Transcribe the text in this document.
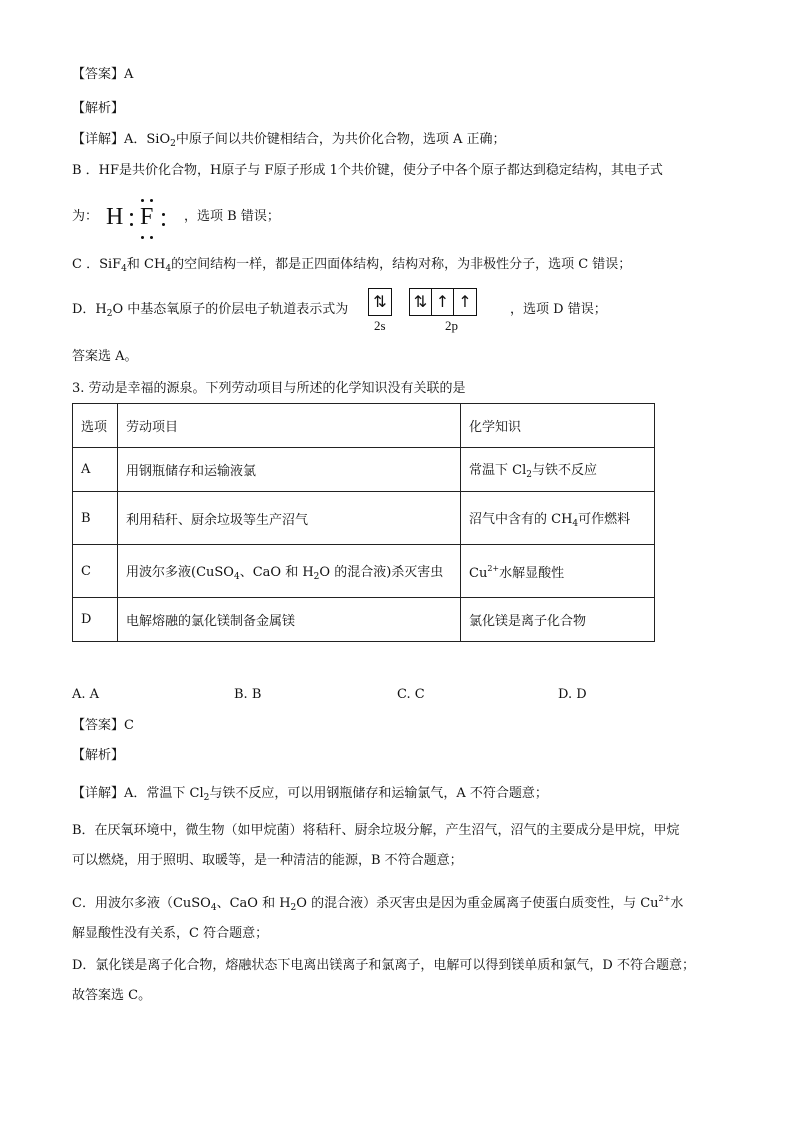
【答案】A
【解析】
【详解】A．SiO$_2$中原子间以共价键相结合，为共价化合物，选项 A 正确；
B ．HF是共价化合物，H原子与 F原子形成 1个共价键，使分子中各个原子都达到稳定结构，其电子式
为： H F ，选项 B 错误；
C ．SiF$_4$和 $CH_4$的空间结构一样，都是正四面体结构，结构对称，为非极性分子，选项 C 错误；
D．$H_2O$ 中基态氧原子的价层电子轨道表示式为 ⇅ ⇅ ↑ ↑
2s	2p
，选项 D 错误；
答案选 A。
3. 劳动是幸福的源泉。下列劳动项目与所述的化学知识没有关联的是
选项	劳动项目	化学知识
A	用钢瓶储存和运输液氯	常温下 $Cl_2$与铁不反应
B	利用秸秆、厨余垃圾等生产沼气	沼气中含有的 $CH_4$可作燃料
C	用波尔多液(CuSO$_4$、CaO 和 $H_2O$ 的混合液)杀灭害虫	$Cu^{2+}$水解显酸性
D	电解熔融的氯化镁制备金属镁	氯化镁是离子化合物
A. A	B. B	C. C	D. D
【答案】C
【解析】
【详解】A．常温下 $Cl_2$与铁不反应，可以用钢瓶储存和运输氯气，A 不符合题意；
B．在厌氧环境中，微生物（如甲烷菌）将秸秆、厨余垃圾分解，产生沼气，沼气的主要成分是甲烷，甲烷
可以燃烧，用于照明、取暖等，是一种清洁的能源，B 不符合题意；
C．用波尔多液（CuSO$_4$、CaO 和 $H_2O$ 的混合液）杀灭害虫是因为重金属离子使蛋白质变性，与 $Cu^{2+}$水
解显酸性没有关系，C 符合题意；
D．氯化镁是离子化合物，熔融状态下电离出镁离子和氯离子，电解可以得到镁单质和氯气，D 不符合题意；
故答案选 C。
